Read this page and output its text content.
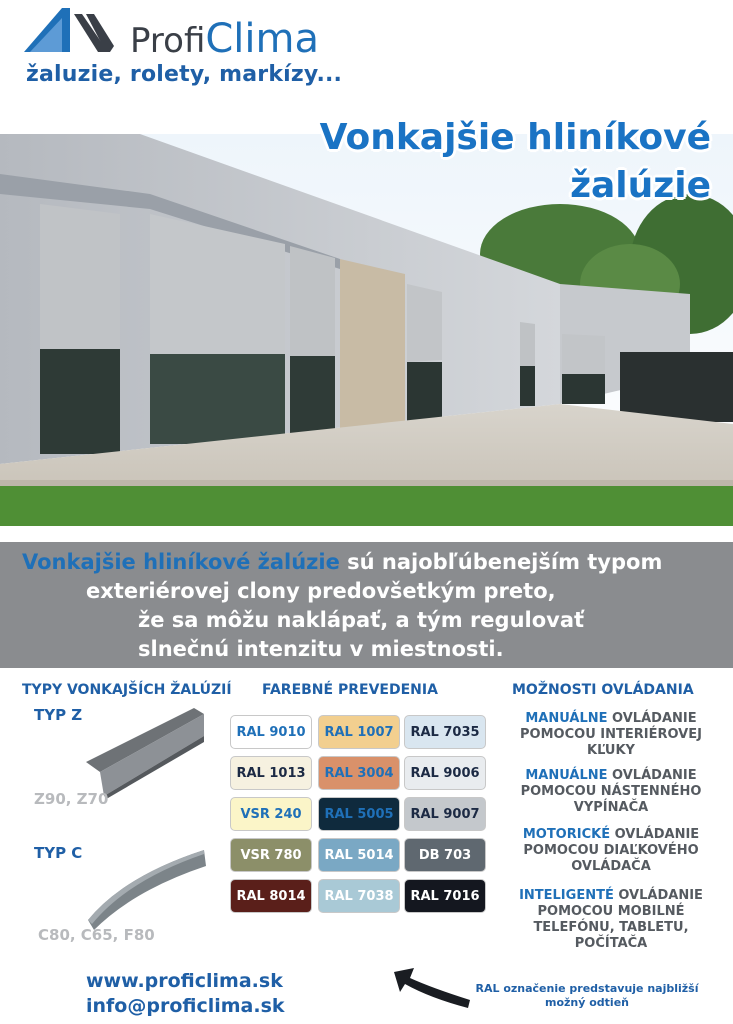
ProfiClima
žaluzie, rolety, markízy...
Vonkajšie hliníkové
žalúzie
Vonkajšie hliníkové žalúzie sú najobľúbenejším typom
exteriérovej clony predovšetkým preto,
že sa môžu naklápať, a tým regulovať
slnečnú intenzitu v miestnosti.
TYPY VONKAJŠÍCH ŽALÚZIÍ
TYP Z
Z90, Z70
TYP C
C80, C65, F80
FAREBNÉ PREVEDENIA
RAL 9010	RAL 1007	RAL 7035
RAL 1013	RAL 3004	RAL 9006
VSR 240	RAL 5005	RAL 9007
VSR 780	RAL 5014	DB 703
RAL 8014	RAL 7038	RAL 7016
MOŽNOSTI OVLÁDANIA
MANUÁLNE OVLÁDANIE
POMOCOU INTERIÉROVEJ
KĽUKY
MANUÁLNE OVLÁDANIE
POMOCOU NÁSTENNÉHO
VYPÍNAČA
MOTORICKÉ OVLÁDANIE
POMOCOU DIAĽKOVÉHO
OVLÁDAČA
INTELIGENTÉ OVLÁDANIE
POMOCOU MOBILNÉ
TELEFÓNU, TABLETU,
POČÍTAČA
www.proficlima.sk
info@proficlima.sk
RAL označenie predstavuje najbližší
možný odtieň
